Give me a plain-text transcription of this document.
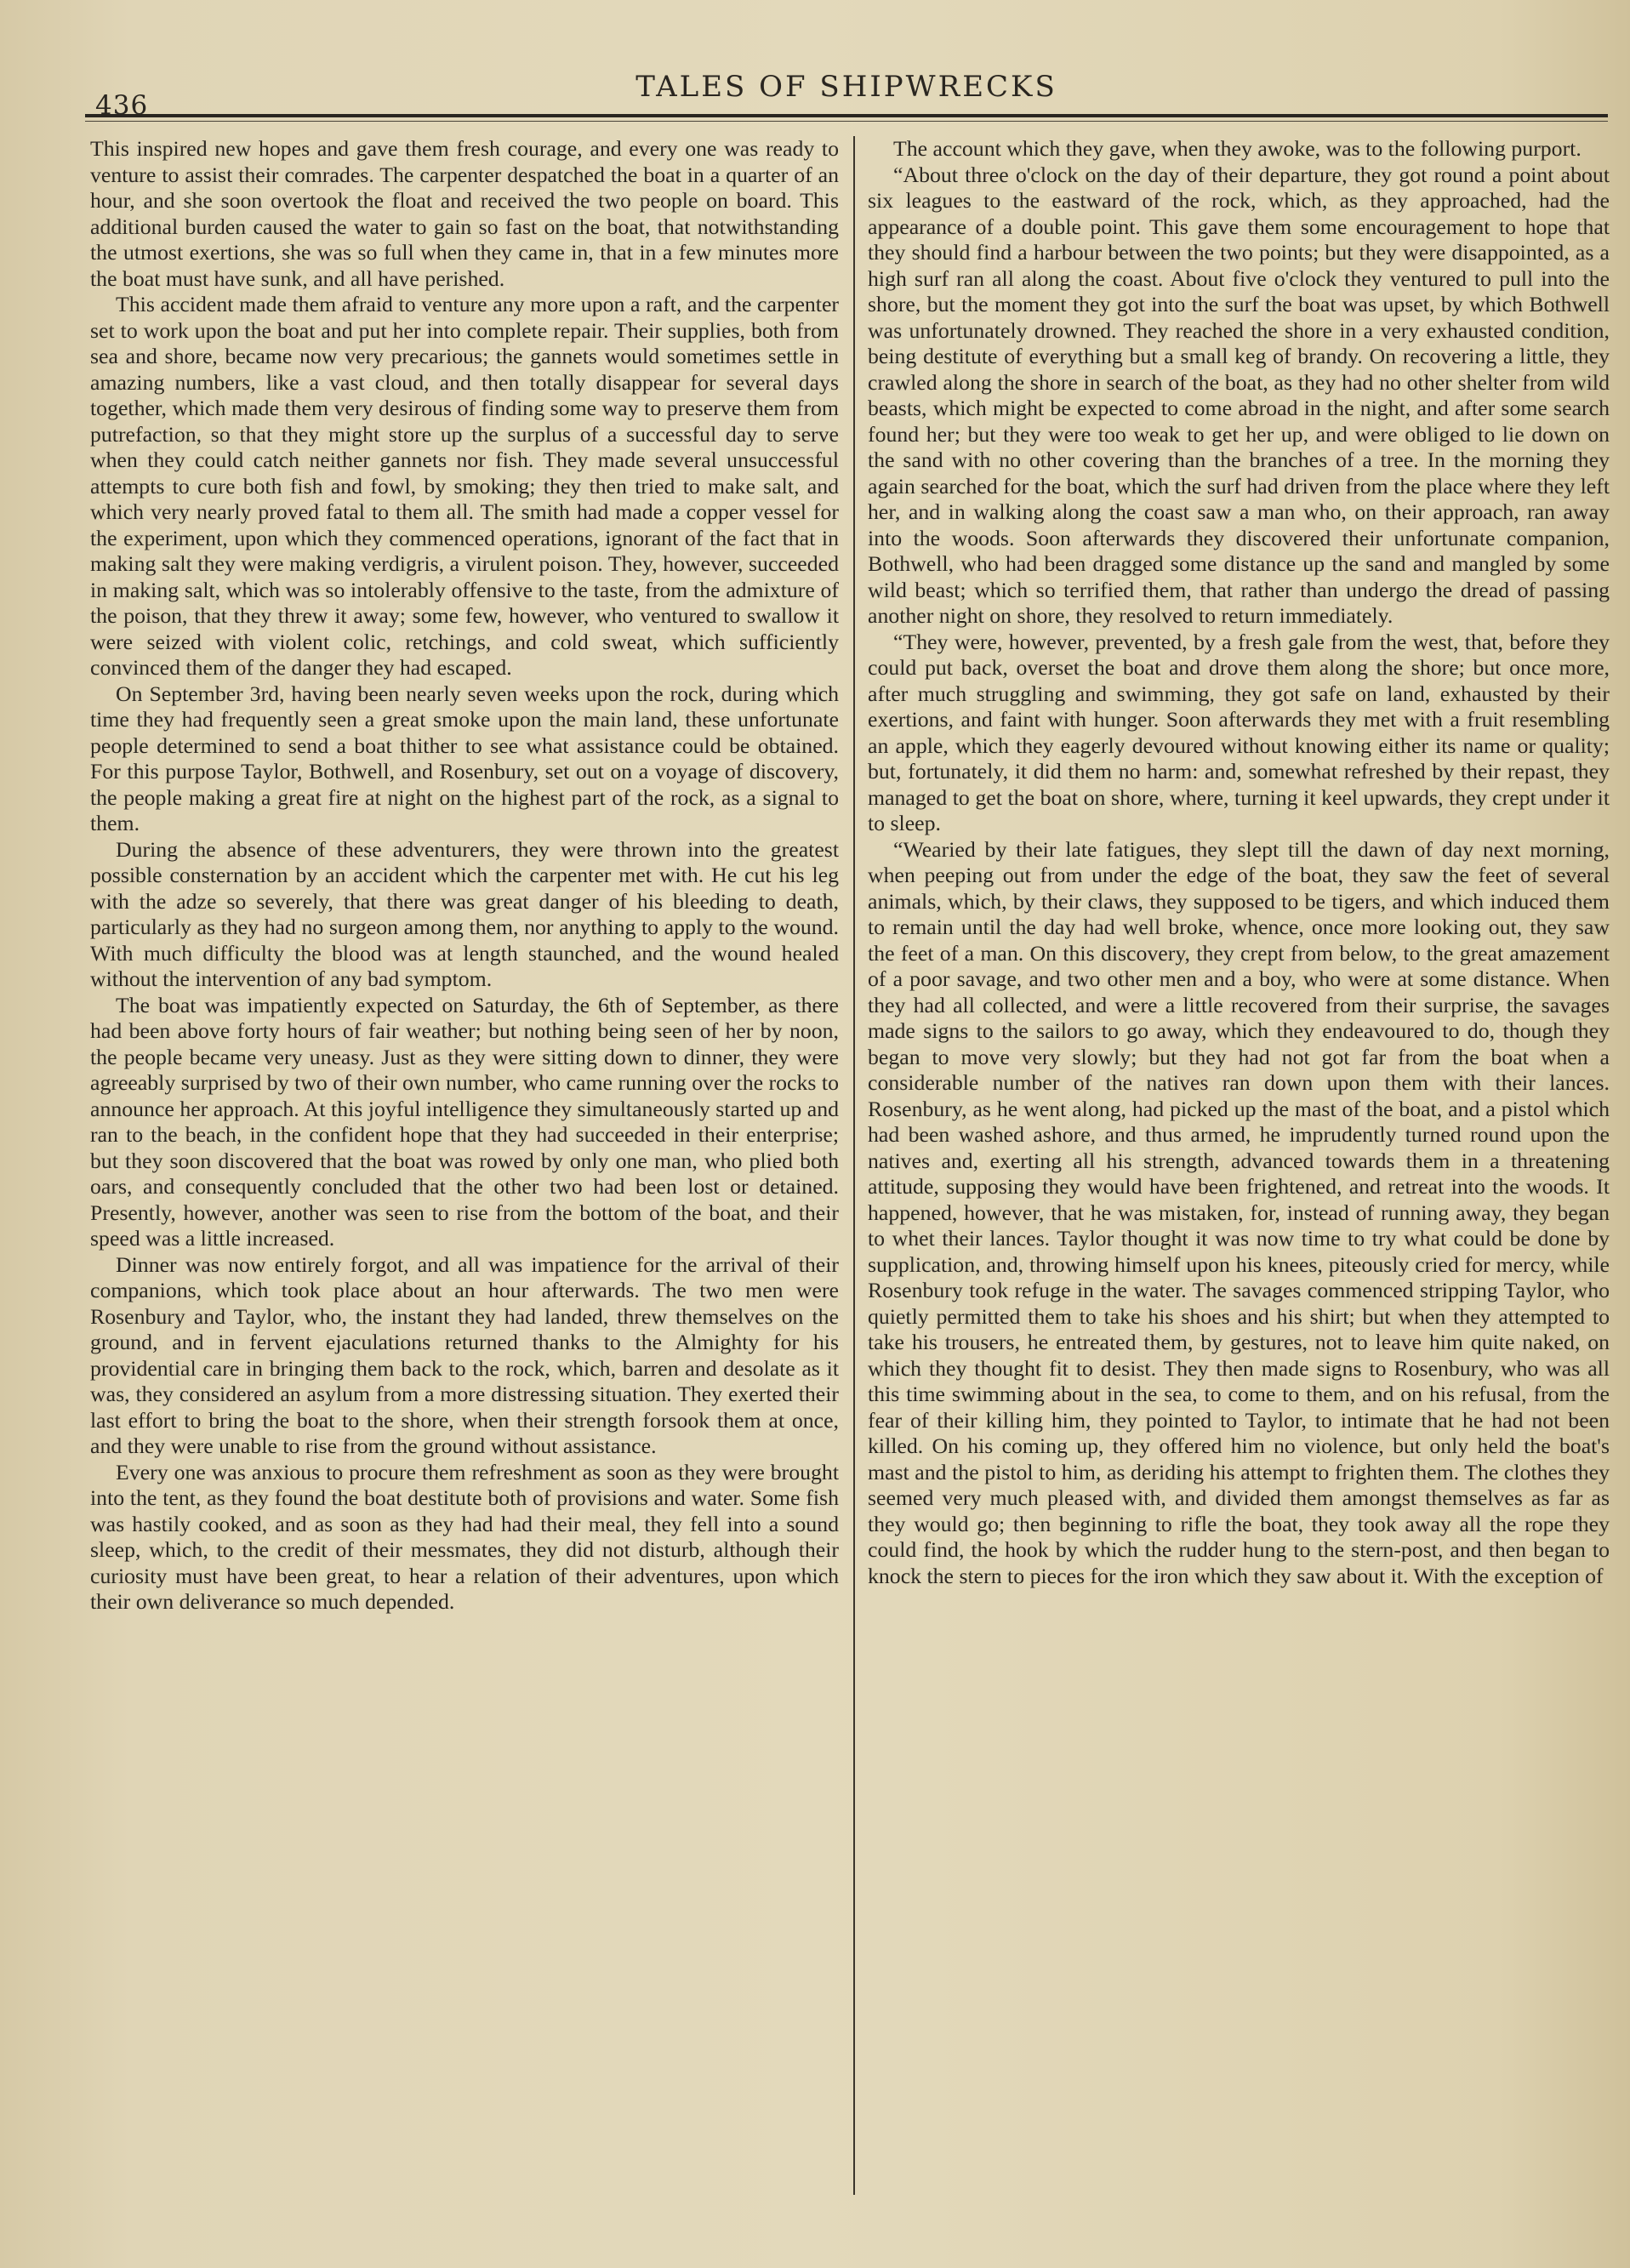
436
TALES OF SHIPWRECKS

This inspired new hopes and gave them fresh courage, and every one was ready to venture to assist their comrades. The carpenter despatched the boat in a quarter of an hour, and she soon overtook the float and received the two people on board. This additional burden caused the water to gain so fast on the boat, that notwithstanding the utmost exertions, she was so full when they came in, that in a few minutes more the boat must have sunk, and all have perished.

This accident made them afraid to venture any more upon a raft, and the carpenter set to work upon the boat and put her into complete repair. Their supplies, both from sea and shore, became now very precarious; the gannets would sometimes settle in amazing numbers, like a vast cloud, and then totally disappear for several days together, which made them very desirous of finding some way to preserve them from putrefaction, so that they might store up the surplus of a successful day to serve when they could catch neither gannets nor fish. They made several unsuccessful attempts to cure both fish and fowl, by smoking; they then tried to make salt, and which very nearly proved fatal to them all. The smith had made a copper vessel for the experiment, upon which they commenced operations, ignorant of the fact that in making salt they were making verdigris, a virulent poison. They, however, succeeded in making salt, which was so intolerably offensive to the taste, from the admixture of the poison, that they threw it away; some few, however, who ventured to swallow it were seized with violent colic, retchings, and cold sweat, which sufficiently convinced them of the danger they had escaped.

On September 3rd, having been nearly seven weeks upon the rock, during which time they had frequently seen a great smoke upon the main land, these unfortunate people determined to send a boat thither to see what assistance could be obtained. For this purpose Taylor, Bothwell, and Rosenbury, set out on a voyage of discovery, the people making a great fire at night on the highest part of the rock, as a signal to them.

During the absence of these adventurers, they were thrown into the greatest possible consternation by an accident which the carpenter met with. He cut his leg with the adze so severely, that there was great danger of his bleeding to death, particularly as they had no surgeon among them, nor anything to apply to the wound. With much difficulty the blood was at length staunched, and the wound healed without the intervention of any bad symptom.

The boat was impatiently expected on Saturday, the 6th of September, as there had been above forty hours of fair weather; but nothing being seen of her by noon, the people became very uneasy. Just as they were sitting down to dinner, they were agreeably surprised by two of their own number, who came running over the rocks to announce her approach. At this joyful intelligence they simultaneously started up and ran to the beach, in the confident hope that they had succeeded in their enterprise; but they soon discovered that the boat was rowed by only one man, who plied both oars, and consequently concluded that the other two had been lost or detained. Presently, however, another was seen to rise from the bottom of the boat, and their speed was a little increased.

Dinner was now entirely forgot, and all was impatience for the arrival of their companions, which took place about an hour afterwards. The two men were Rosenbury and Taylor, who, the instant they had landed, threw themselves on the ground, and in fervent ejaculations returned thanks to the Almighty for his providential care in bringing them back to the rock, which, barren and desolate as it was, they considered an asylum from a more distressing situation. They exerted their last effort to bring the boat to the shore, when their strength forsook them at once, and they were unable to rise from the ground without assistance.

Every one was anxious to procure them refreshment as soon as they were brought into the tent, as they found the boat destitute both of provisions and water. Some fish was hastily cooked, and as soon as they had had their meal, they fell into a sound sleep, which, to the credit of their messmates, they did not disturb, although their curiosity must have been great, to hear a relation of their adventures, upon which their own deliverance so much depended.

The account which they gave, when they awoke, was to the following purport.

“About three o'clock on the day of their departure, they got round a point about six leagues to the eastward of the rock, which, as they approached, had the appearance of a double point. This gave them some encouragement to hope that they should find a harbour between the two points; but they were disappointed, as a high surf ran all along the coast. About five o'clock they ventured to pull into the shore, but the moment they got into the surf the boat was upset, by which Bothwell was unfortunately drowned. They reached the shore in a very exhausted condition, being destitute of everything but a small keg of brandy. On recovering a little, they crawled along the shore in search of the boat, as they had no other shelter from wild beasts, which might be expected to come abroad in the night, and after some search found her; but they were too weak to get her up, and were obliged to lie down on the sand with no other covering than the branches of a tree. In the morning they again searched for the boat, which the surf had driven from the place where they left her, and in walking along the coast saw a man who, on their approach, ran away into the woods. Soon afterwards they discovered their unfortunate companion, Bothwell, who had been dragged some distance up the sand and mangled by some wild beast; which so terrified them, that rather than undergo the dread of passing another night on shore, they resolved to return immediately.

“They were, however, prevented, by a fresh gale from the west, that, before they could put back, overset the boat and drove them along the shore; but once more, after much struggling and swimming, they got safe on land, exhausted by their exertions, and faint with hunger. Soon afterwards they met with a fruit resembling an apple, which they eagerly devoured without knowing either its name or quality; but, fortunately, it did them no harm: and, somewhat refreshed by their repast, they managed to get the boat on shore, where, turning it keel upwards, they crept under it to sleep.

“Wearied by their late fatigues, they slept till the dawn of day next morning, when peeping out from under the edge of the boat, they saw the feet of several animals, which, by their claws, they supposed to be tigers, and which induced them to remain until the day had well broke, whence, once more looking out, they saw the feet of a man. On this discovery, they crept from below, to the great amazement of a poor savage, and two other men and a boy, who were at some distance. When they had all collected, and were a little recovered from their surprise, the savages made signs to the sailors to go away, which they endeavoured to do, though they began to move very slowly; but they had not got far from the boat when a considerable number of the natives ran down upon them with their lances. Rosenbury, as he went along, had picked up the mast of the boat, and a pistol which had been washed ashore, and thus armed, he imprudently turned round upon the natives and, exerting all his strength, advanced towards them in a threatening attitude, supposing they would have been frightened, and retreat into the woods. It happened, however, that he was mistaken, for, instead of running away, they began to whet their lances. Taylor thought it was now time to try what could be done by supplication, and, throwing himself upon his knees, piteously cried for mercy, while Rosenbury took refuge in the water. The savages commenced stripping Taylor, who quietly permitted them to take his shoes and his shirt; but when they attempted to take his trousers, he entreated them, by gestures, not to leave him quite naked, on which they thought fit to desist. They then made signs to Rosenbury, who was all this time swimming about in the sea, to come to them, and on his refusal, from the fear of their killing him, they pointed to Taylor, to intimate that he had not been killed. On his coming up, they offered him no violence, but only held the boat's mast and the pistol to him, as deriding his attempt to frighten them. The clothes they seemed very much pleased with, and divided them amongst themselves as far as they would go; then beginning to rifle the boat, they took away all the rope they could find, the hook by which the rudder hung to the stern-post, and then began to knock the stern to pieces for the iron which they saw about it. With the exception of
